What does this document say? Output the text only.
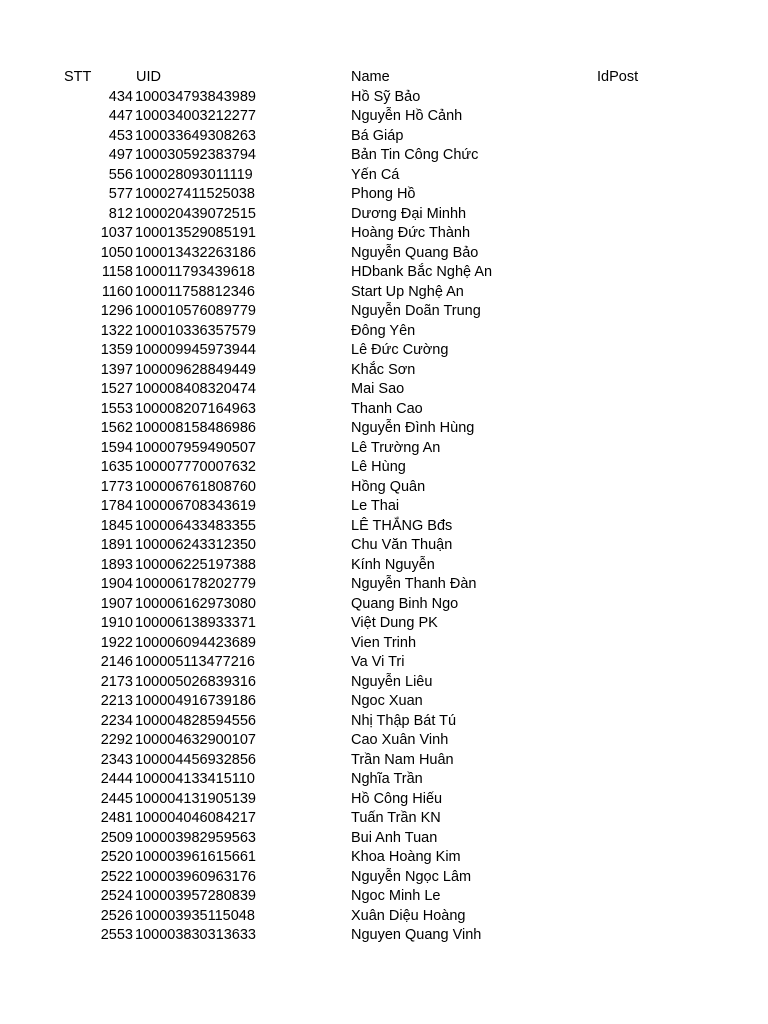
STT	UID	Name	IdPost
434 100034793843989	Hồ Sỹ Bảo
447 100034003212277	Nguyễn Hồ Cảnh
453 100033649308263	Bá Giáp
497 100030592383794	Bản Tin Công Chức
556 100028093011119	Yến Cá
577 100027411525038	Phong Hồ
812 100020439072515	Dương Đại Minhh
1037 100013529085191	Hoàng Đức Thành
1050 100013432263186	Nguyễn Quang Bảo
1158 100011793439618	HDbank Bắc Nghệ An
1160 100011758812346	Start Up Nghệ An
1296 100010576089779	Nguyễn Doãn Trung
1322 100010336357579	Đông Yên
1359 100009945973944	Lê Đức Cường
1397 100009628849449	Khắc Sơn
1527 100008408320474	Mai Sao
1553 100008207164963	Thanh Cao
1562 100008158486986	Nguyễn Đình Hùng
1594 100007959490507	Lê Trường An
1635 100007770007632	Lê Hùng
1773 100006761808760	Hồng Quân
1784 100006708343619	Le Thai
1845 100006433483355	LÊ THẮNG Bđs
1891 100006243312350	Chu Văn Thuận
1893 100006225197388	Kính Nguyễn
1904 100006178202779	Nguyễn Thanh Đàn
1907 100006162973080	Quang Binh Ngo
1910 100006138933371	Việt Dung PK
1922 100006094423689	Vien Trinh
2146 100005113477216	Va Vi Tri
2173 100005026839316	Nguyễn Liêu
2213 100004916739186	Ngoc Xuan
2234 100004828594556	Nhị Thập Bát Tú
2292 100004632900107	Cao Xuân Vinh
2343 100004456932856	Trần Nam Huân
2444 100004133415110	Nghĩa Trần
2445 100004131905139	Hồ Công Hiếu
2481 100004046084217	Tuấn Trần KN
2509 100003982959563	Bui Anh Tuan
2520 100003961615661	Khoa Hoàng Kim
2522 100003960963176	Nguyễn Ngọc Lâm
2524 100003957280839	Ngoc Minh Le
2526 100003935115048	Xuân Diệu Hoàng
2553 100003830313633	Nguyen Quang Vinh
